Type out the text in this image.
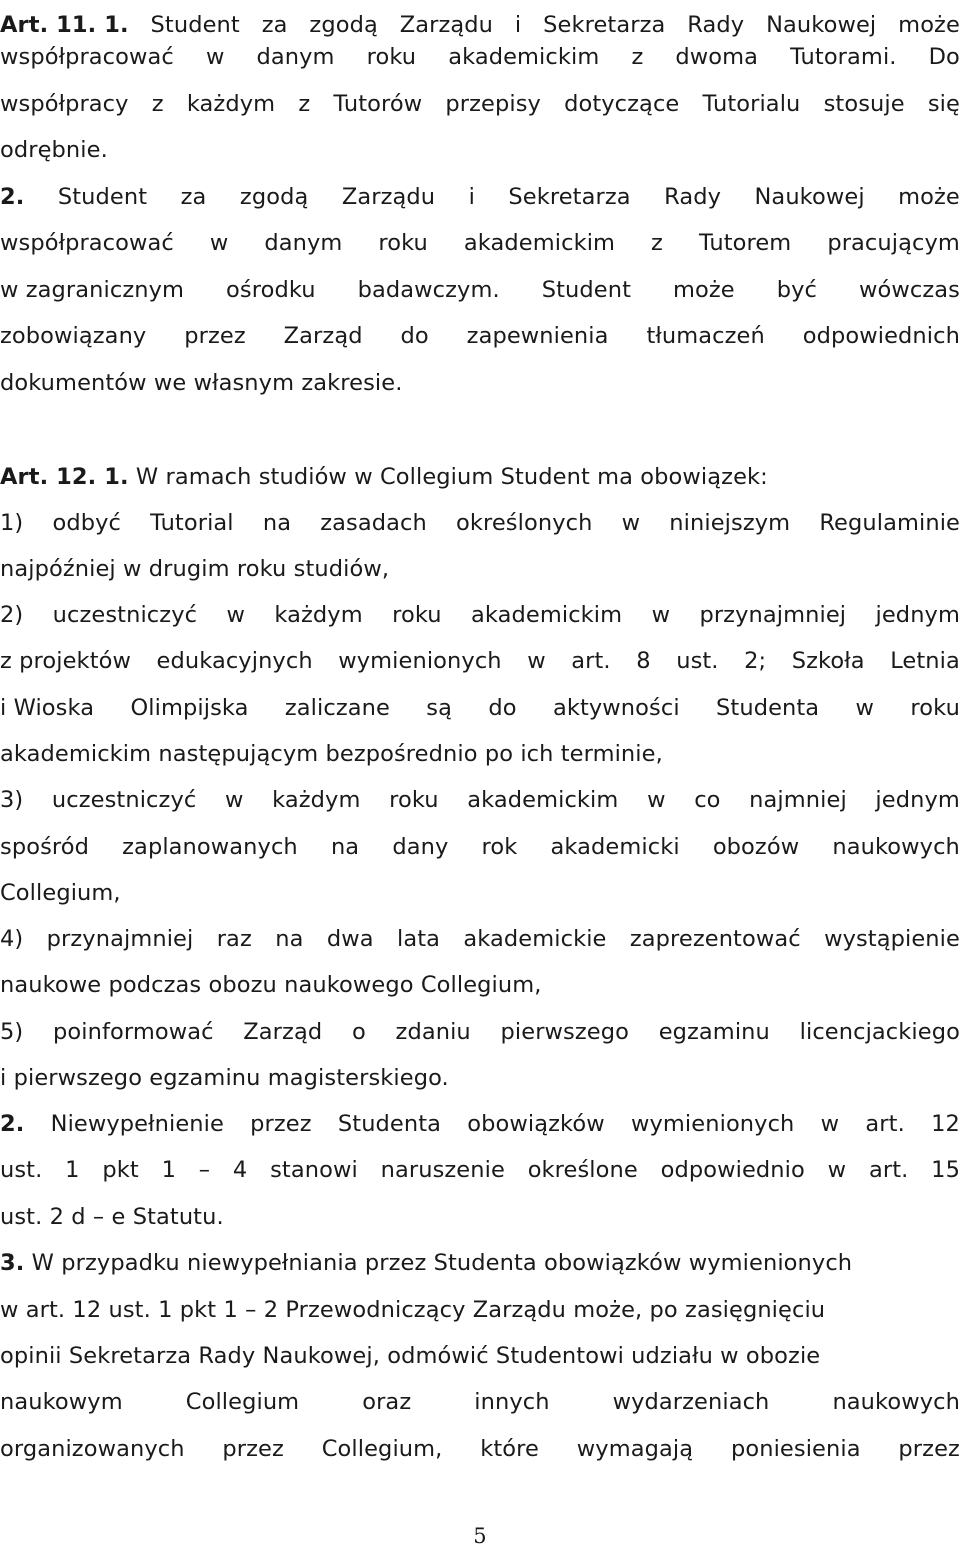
Art. 11. 1. Student za zgodą Zarządu i Sekretarza Rady Naukowej może
współpracować w danym roku akademickim z dwoma Tutorami. Do
współpracy z każdym z Tutorów przepisy dotyczące Tutorialu stosuje się
odrębnie.
2. Student za zgodą Zarządu i Sekretarza Rady Naukowej może
współpracować w danym roku akademickim z Tutorem pracującym
w zagranicznym ośrodku badawczym. Student może być wówczas
zobowiązany przez Zarząd do zapewnienia tłumaczeń odpowiednich
dokumentów we własnym zakresie.
Art. 12. 1. W ramach studiów w Collegium Student ma obowiązek:
1) odbyć Tutorial na zasadach określonych w niniejszym Regulaminie
najpóźniej w drugim roku studiów,
2) uczestniczyć w każdym roku akademickim w przynajmniej jednym
z projektów edukacyjnych wymienionych w art. 8 ust. 2; Szkoła Letnia
i Wioska Olimpijska zaliczane są do aktywności Studenta w roku
akademickim następującym bezpośrednio po ich terminie,
3) uczestniczyć w każdym roku akademickim w co najmniej jednym
spośród zaplanowanych na dany rok akademicki obozów naukowych
Collegium,
4) przynajmniej raz na dwa lata akademickie zaprezentować wystąpienie
naukowe podczas obozu naukowego Collegium,
5) poinformować Zarząd o zdaniu pierwszego egzaminu licencjackiego
i pierwszego egzaminu magisterskiego.
2. Niewypełnienie przez Studenta obowiązków wymienionych w art. 12
ust. 1 pkt 1 – 4 stanowi naruszenie określone odpowiednio w art. 15
ust. 2 d – e Statutu.
3. W przypadku niewypełniania przez Studenta obowiązków wymienionych
w art. 12 ust. 1 pkt 1 – 2 Przewodniczący Zarządu może, po zasięgnięciu
opinii Sekretarza Rady Naukowej, odmówić Studentowi udziału w obozie
naukowym	Collegium	oraz	innych	wydarzeniach	naukowych
organizowanych przez Collegium, które wymagają poniesienia przez
5
